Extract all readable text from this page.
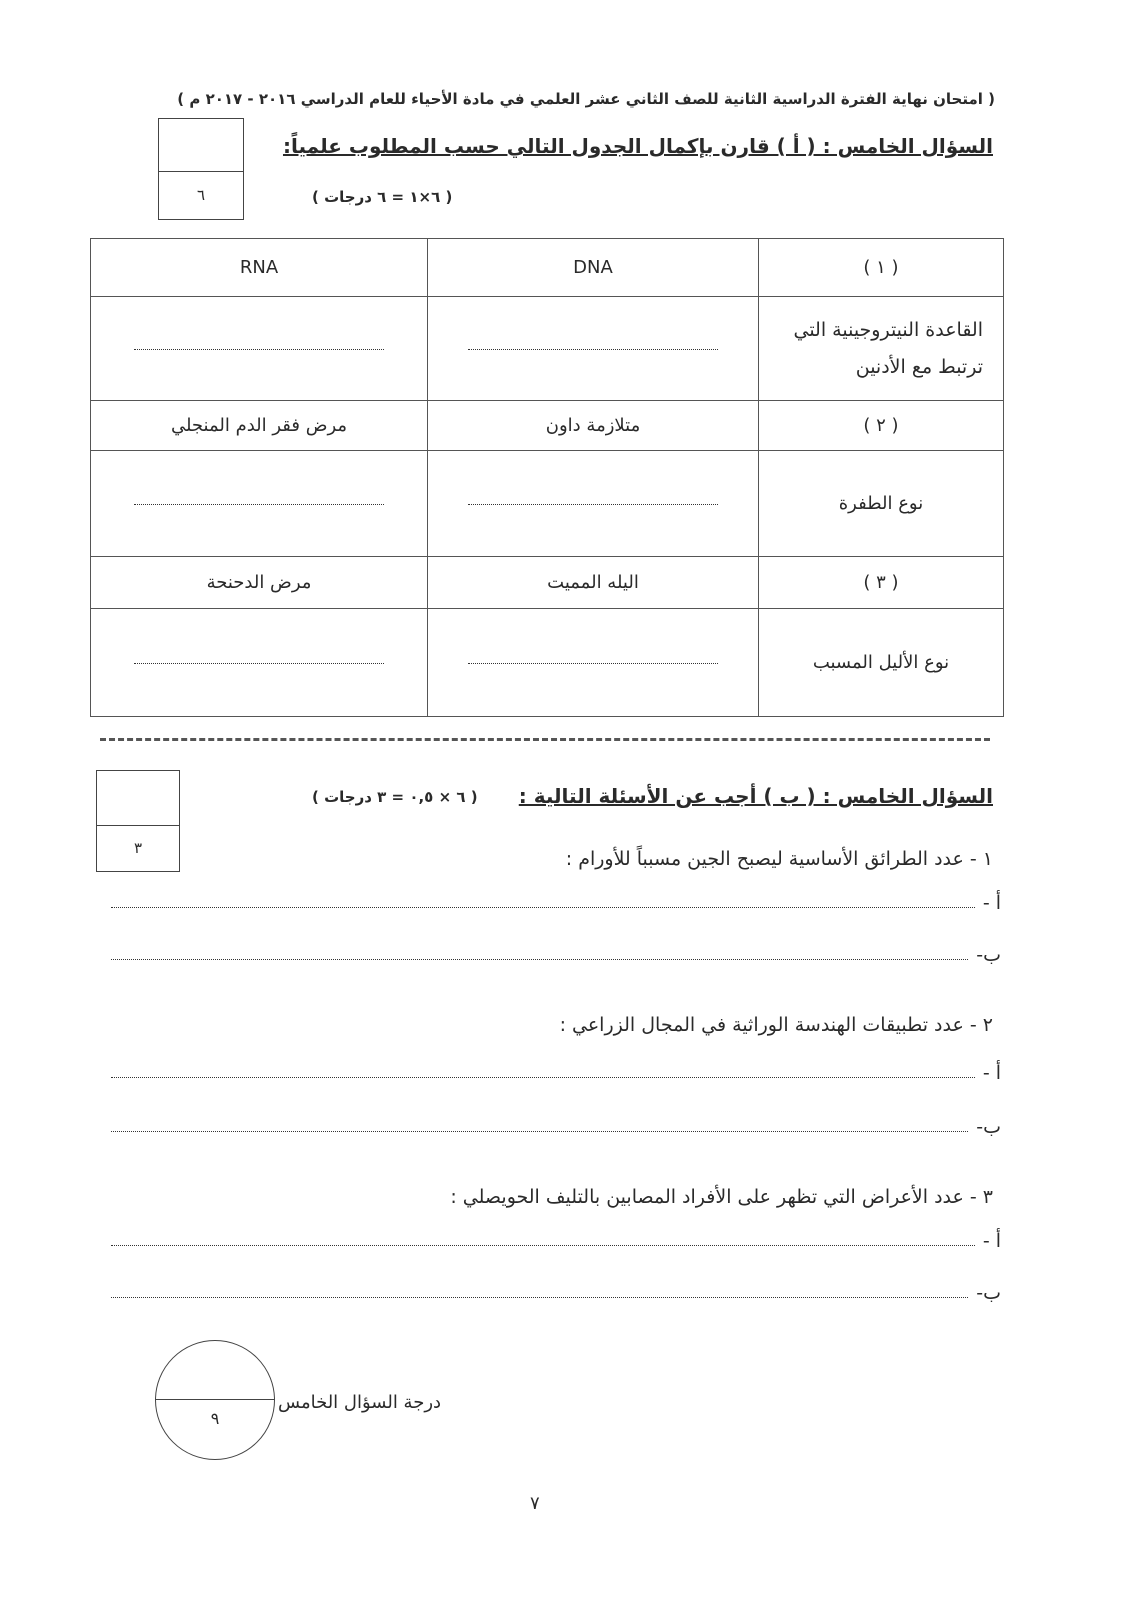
( امتحان نهاية الفترة الدراسية الثانية للصف الثاني عشر العلمي في مادة الأحياء للعام الدراسي ٢٠١٦ - ٢٠١٧ م )
٦
السؤال الخامس : ( أ ) قارن بإكمال الجدول التالي حسب المطلوب علمياً:
( ٦×١ = ٦ درجات )
RNA	DNA	( ١ )
		القاعدة النيتروجينية التي ترتبط مع الأدنين
مرض فقر الدم المنجلي	متلازمة داون	( ٢ )
		نوع الطفرة
مرض الدحنحة	اليله المميت	( ٣ )
		نوع الأليل المسبب
٣
السؤال الخامس : ( ب ) أجب عن الأسئلة التالية :
( ٦ × ٠,٥ = ٣ درجات )
١ - عدد الطرائق الأساسية ليصبح الجين مسبباً للأورام :
أ -
ب-
٢ - عدد تطبيقات الهندسة الوراثية في المجال الزراعي :
أ -
ب-
٣ - عدد الأعراض التي تظهر على الأفراد المصابين بالتليف الحويصلي :
أ -
ب-
٩
درجة السؤال الخامس
٧
